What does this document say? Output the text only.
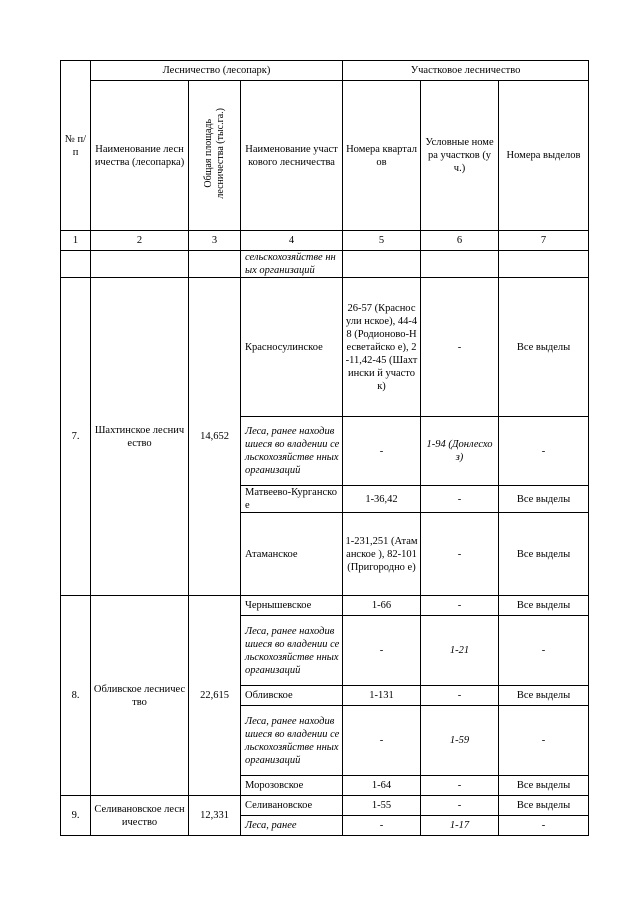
№ п/п	Лесничество (лесопарк)			Участковое лесничество		
	Наименование лесничества (лесопарка)	Общая площадь
лесничества (тыс.га.)	Наименование участкового лесничества	Номера кварталов	Условные номера участков (уч.)	Номера выделов
1	2	3	4	5	6	7
			сельскохозяйстве нных организаций			
7.	Шахтинское лесничество	14,652	Красносулинское	26-57 (Красносули нское), 44-48 (Родионово-Несветайско е), 2-11,42-45 (Шахтински й участок)	-	Все выделы
			Леса, ранее находившиеся во владении сельскохозяйстве нных организаций	-	1-94 (Донлесхоз)	-
			Матвеево-Курганское	1-36,42	-	Все выделы
			Атаманское	1-231,251 (Атаманское ), 82-101 (Пригородно е)	-	Все выделы
8.	Обливское лесничество	22,615	Чернышевское	1-66	-	Все выделы
			Леса, ранее находившиеся во владении сельскохозяйстве нных организаций	-	1-21	-
			Обливское	1-131	-	Все выделы
			Леса, ранее находившиеся во владении сельскохозяйстве нных организаций	-	1-59	-
			Морозовское	1-64	-	Все выделы
9.	Селивановское лесничество	12,331	Селивановское	1-55	-	Все выделы
			Леса, ранее	-	1-17	-
